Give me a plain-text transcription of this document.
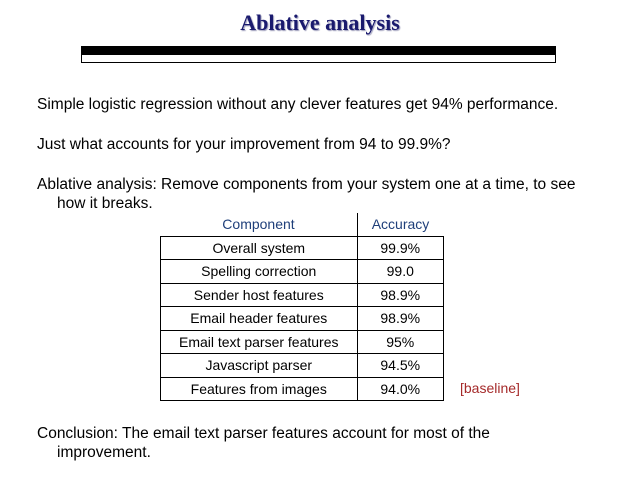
Ablative analysis
Simple logistic regression without any clever features get 94% performance.
Just what accounts for your improvement from 94 to 99.9%?
Ablative analysis: Remove components from your system one at a time, to see
how it breaks.
Component	Accuracy
Overall system	99.9%
Spelling correction	99.0
Sender host features	98.9%
Email header features	98.9%
Email text parser features	95%
Javascript parser	94.5%
Features from images	94.0%	[baseline]
Conclusion: The email text parser features account for most of the
improvement.
